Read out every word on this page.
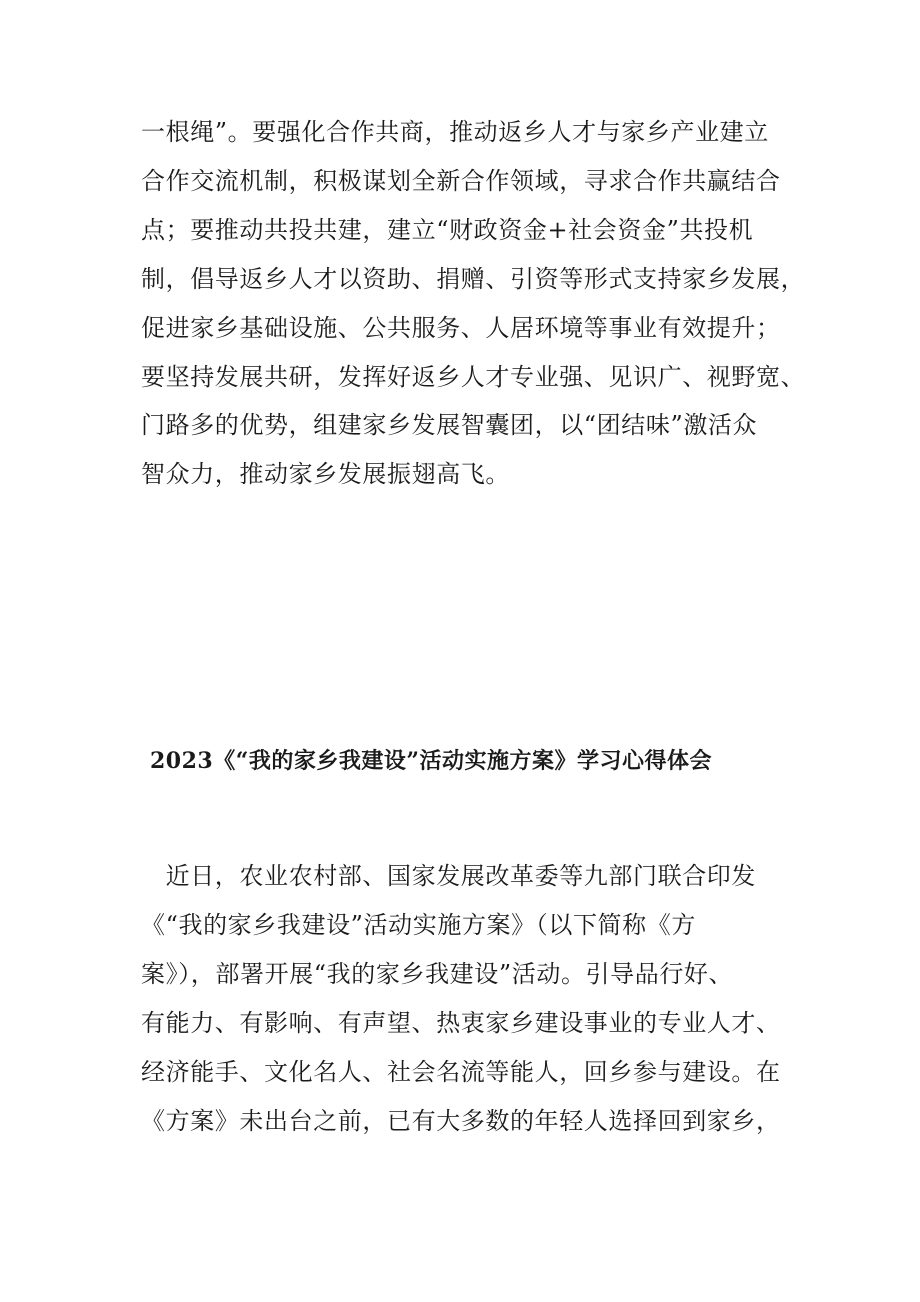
一根绳”。要强化合作共商，推动返乡人才与家乡产业建立
合作交流机制，积极谋划全新合作领域，寻求合作共赢结合
点；要推动共投共建，建立“财政资金+社会资金”共投机
制，倡导返乡人才以资助、捐赠、引资等形式支持家乡发展，
促进家乡基础设施、公共服务、人居环境等事业有效提升；
要坚持发展共研，发挥好返乡人才专业强、见识广、视野宽、
门路多的优势，组建家乡发展智囊团，以“团结味”激活众
智众力，推动家乡发展振翅高飞。
2023《“我的家乡我建设”活动实施方案》学习心得体会
　近日，农业农村部、国家发展改革委等九部门联合印发
《“我的家乡我建设”活动实施方案》（以下简称《方
案》），部署开展“我的家乡我建设”活动。引导品行好、
有能力、有影响、有声望、热衷家乡建设事业的专业人才、
经济能手、文化名人、社会名流等能人，回乡参与建设。在
《方案》未出台之前，已有大多数的年轻人选择回到家乡，
